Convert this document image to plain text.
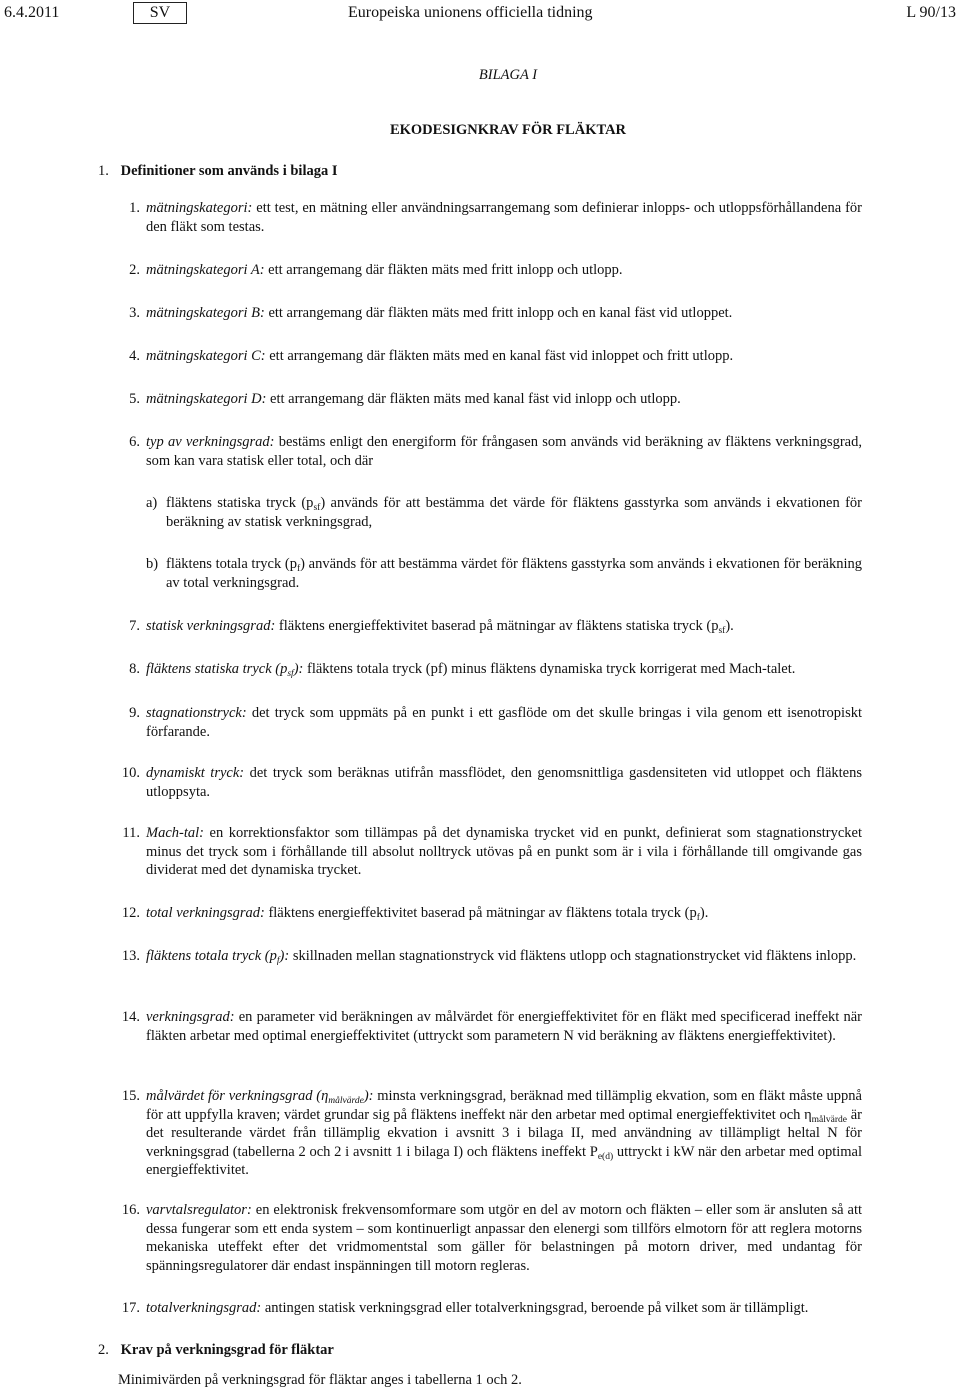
6.4.2011	SV	Europeiska unionens officiella tidning	L 90/13
BILAGA I
EKODESIGNKRAV FÖR FLÄKTAR
1. Definitioner som används i bilaga I
1. mätningskategori: ett test, en mätning eller användningsarrangemang som definierar inlopps- och utloppsförhållandena för den fläkt som testas.
2. mätningskategori A: ett arrangemang där fläkten mäts med fritt inlopp och utlopp.
3. mätningskategori B: ett arrangemang där fläkten mäts med fritt inlopp och en kanal fäst vid utloppet.
4. mätningskategori C: ett arrangemang där fläkten mäts med en kanal fäst vid inloppet och fritt utlopp.
5. mätningskategori D: ett arrangemang där fläkten mäts med kanal fäst vid inlopp och utlopp.
6. typ av verkningsgrad: bestäms enligt den energiform för frångasen som används vid beräkning av fläktens verkningsgrad, som kan vara statisk eller total, och där
a) fläktens statiska tryck $(p_{sf})$ används för att bestämma det värde för fläktens gasstyrka som används i ekvationen för beräkning av statisk verkningsgrad,
b) fläktens totala tryck $(p_f)$ används för att bestämma värdet för fläktens gasstyrka som används i ekvationen för beräkning av total verkningsgrad.
7. statisk verkningsgrad: fläktens energieffektivitet baserad på mätningar av fläktens statiska tryck $(p_{sf})$.
8. fläktens statiska tryck $(p_{sf})$: fläktens totala tryck (pf) minus fläktens dynamiska tryck korrigerat med Mach-talet.
9. stagnationstryck: det tryck som uppmäts på en punkt i ett gasflöde om det skulle bringas i vila genom ett isenotropiskt förfarande.
10. dynamiskt tryck: det tryck som beräknas utifrån massflödet, den genomsnittliga gasdensiteten vid utloppet och fläktens utloppsyta.
11. Mach-tal: en korrektionsfaktor som tillämpas på det dynamiska trycket vid en punkt, definierat som stagnationstrycket minus det tryck som i förhållande till absolut nolltryck utövas på en punkt som är i vila i förhållande till omgivande gas dividerat med det dynamiska trycket.
12. total verkningsgrad: fläktens energieffektivitet baserad på mätningar av fläktens totala tryck $(p_f)$.
13. fläktens totala tryck $(p_f)$: skillnaden mellan stagnationstryck vid fläktens utlopp och stagnationstrycket vid fläktens inlopp.
14. verkningsgrad: en parameter vid beräkningen av målvärdet för energieffektivitet för en fläkt med specificerad ineffekt när fläkten arbetar med optimal energieffektivitet (uttryckt som parametern N vid beräkning av fläktens energieffektivitet).
15. målvärdet för verkningsgrad $(\eta_{målvärde})$: minsta verkningsgrad, beräknad med tillämplig ekvation, som en fläkt måste uppnå för att uppfylla kraven; värdet grundar sig på fläktens ineffekt när den arbetar med optimal energieffektivitet och $\eta_{målvärde}$ är det resulterande värdet från tillämplig ekvation i avsnitt 3 i bilaga II, med användning av tillämpligt heltal N för verkningsgrad (tabellerna 2 och 2 i avsnitt 1 i bilaga I) och fläktens ineffekt $P_{e(d)}$ uttryckt i kW när den arbetar med optimal energieffektivitet.
16. varvtalsregulator: en elektronisk frekvensomformare som utgör en del av motorn och fläkten – eller som är ansluten så att dessa fungerar som ett enda system – som kontinuerligt anpassar den elenergi som tillförs elmotorn för att reglera motorns mekaniska uteffekt efter det vridmomentstal som gäller för belastningen på motorn driver, med undantag för spänningsregulatorer där endast inspänningen till motorn regleras.
17. totalverkningsgrad: antingen statisk verkningsgrad eller totalverkningsgrad, beroende på vilket som är tillämpligt.
2. Krav på verkningsgrad för fläktar
Minimivärden på verkningsgrad för fläktar anges i tabellerna 1 och 2.
